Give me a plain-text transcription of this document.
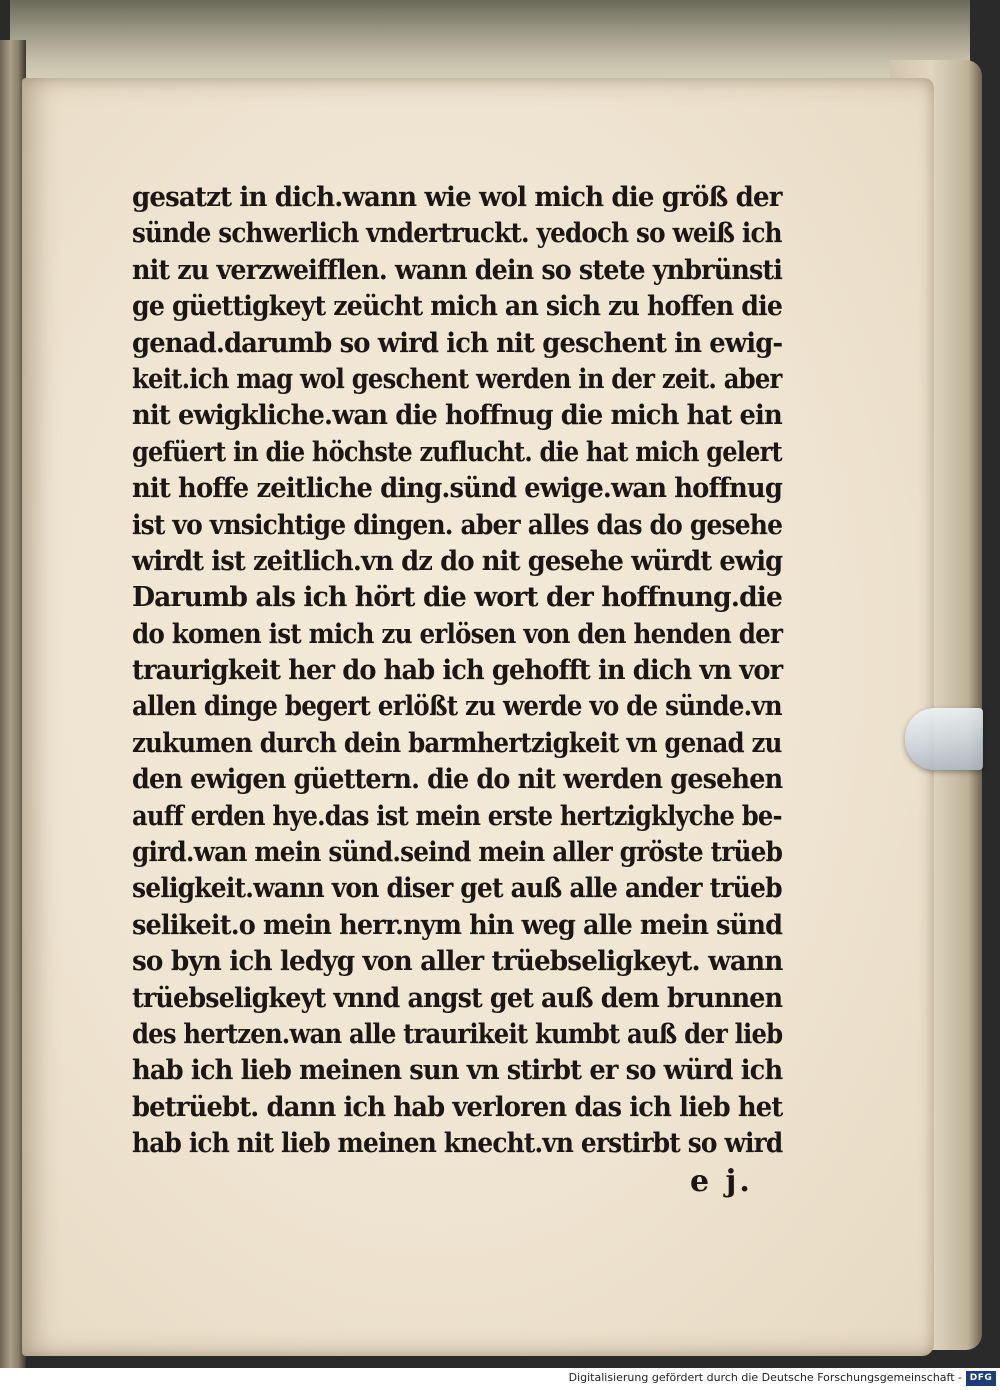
gesatzt in dich.wann wie wol mich die größ der
sünde schwerlich vndertruckt. yedoch so weiß ich
nit zu verzweifflen. wann dein so stete ynbrünsti
ge güettigkeyt zeücht mich an sich zu hoffen die
genad.darumb so wird ich nit geschent in ewig-
keit.ich mag wol geschent werden in der zeit. aber
nit ewigkliche.wan die hoffnug die mich hat ein
gefüert in die höchste zuflucht. die hat mich gelert
nit hoffe zeitliche ding.sünd ewige.wan hoffnug
ist vo vnsichtige dingen. aber alles das do gesehe
wirdt ist zeitlich.vn dz do nit gesehe würdt ewig
Darumb als ich hört die wort der hoffnung.die
do komen ist mich zu erlösen von den henden der
traurigkeit her do hab ich gehofft in dich vn vor
allen dinge begert erlößt zu werde vo de sünde.vn
zukumen durch dein barmhertzigkeit vn genad zu
den ewigen güettern. die do nit werden gesehen
auff erden hye.das ist mein erste hertzigklyche be-
gird.wan mein sünd.seind mein aller gröste trüeb
seligkeit.wann von diser get auß alle ander trüeb
selikeit.o mein herr.nym hin weg alle mein sünd
so byn ich ledyg von aller trüebseligkeyt. wann
trüebseligkeyt vnnd angst get auß dem brunnen
des hertzen.wan alle traurikeit kumbt auß der lieb
hab ich lieb meinen sun vn stirbt er so würd ich
betrüebt. dann ich hab verloren das ich lieb het
hab ich nit lieb meinen knecht.vn erstirbt so wird
e j.
Digitalisierung gefördert durch die Deutsche Forschungsgemeinschaft - DFG
